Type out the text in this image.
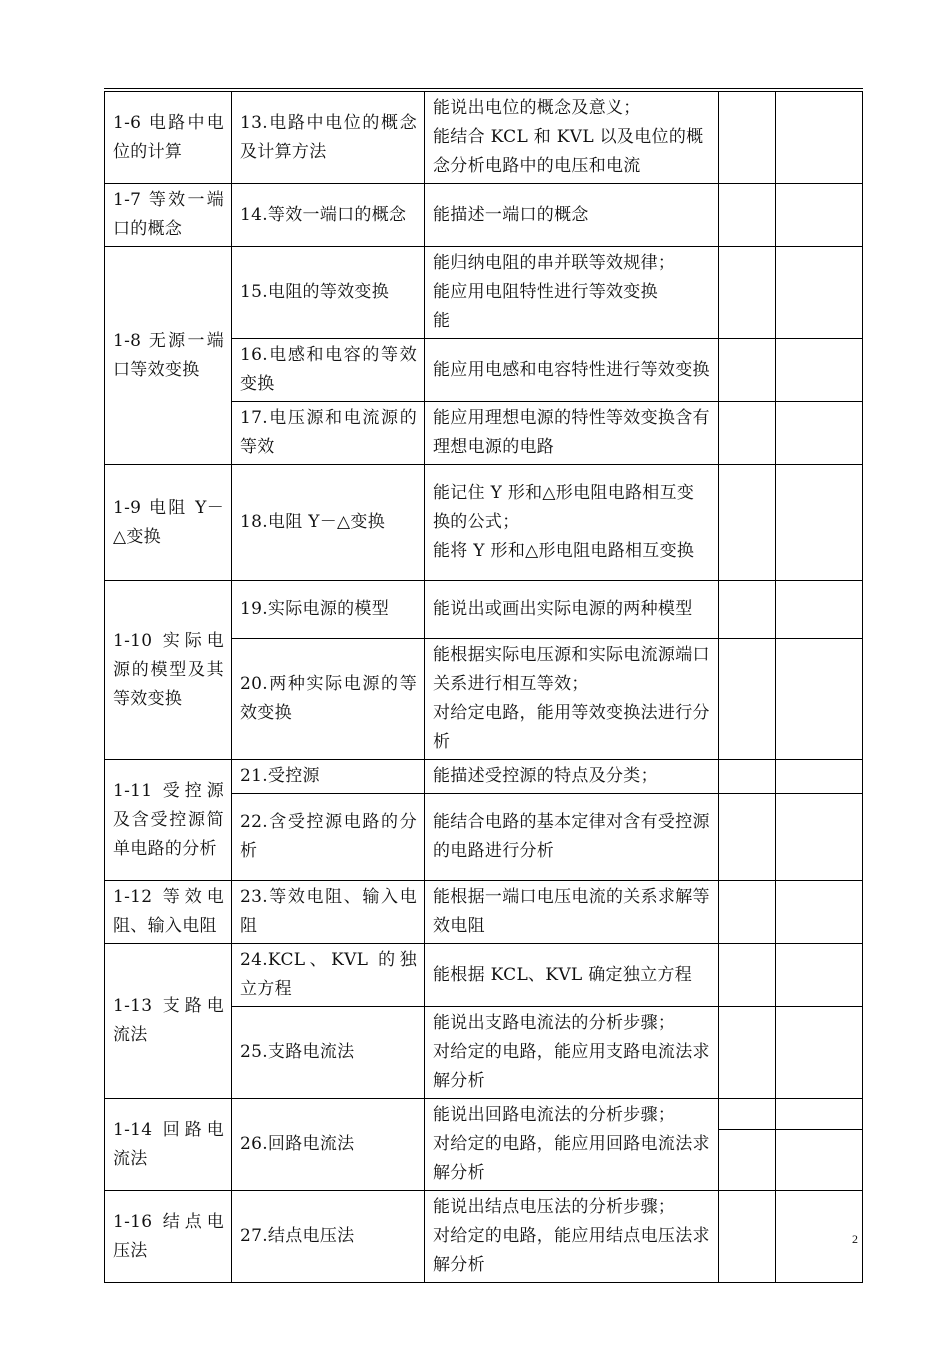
1-6 电路中电位的计算	13.电路中电位的概念及计算方法	能说出电位的概念及意义；
能结合 KCL 和 KVL 以及电位的概念分析电路中的电压和电流		

1-7 等效一端口的概念	14.等效一端口的概念	能描述一端口的概念		

1-8 无源一端口等效变换	15.电阻的等效变换	能归纳电阻的串并联等效规律；
能应用电阻特性进行等效变换
能		

	16.电感和电容的等效变换	能应用电感和电容特性进行等效变换		

	17.电压源和电流源的等效	能应用理想电源的特性等效变换含有理想电源的电路		

1-9 电阻 Y－△变换	18.电阻 Y－△变换	能记住 Y 形和△形电阻电路相互变换的公式；
能将 Y 形和△形电阻电路相互变换		

1-10 实际电源的模型及其等效变换	19.实际电源的模型	能说出或画出实际电源的两种模型		

	20.两种实际电源的等效变换	能根据实际电压源和实际电流源端口关系进行相互等效；
对给定电路，能用等效变换法进行分析		

1-11 受控源及含受控源简单电路的分析	21.受控源	能描述受控源的特点及分类；		

	22.含受控源电路的分析	能结合电路的基本定律对含有受控源的电路进行分析		

1-12 等效电阻、输入电阻	23.等效电阻、输入电阻	能根据一端口电压电流的关系求解等效电阻		

1-13 支路电流法	24.KCL、KVL 的独立方程	能根据 KCL、KVL 确定独立方程		

	25.支路电流法	能说出支路电流法的分析步骤；
对给定的电路，能应用支路电流法求解分析		

1-14 回路电流法	26.回路电流法	能说出回路电流法的分析步骤；
对给定的电路，能应用回路电流法求解分析		

1-16 结点电压法	27.结点电压法	能说出结点电压法的分析步骤；
对给定的电路，能应用结点电压法求解分析		

2
